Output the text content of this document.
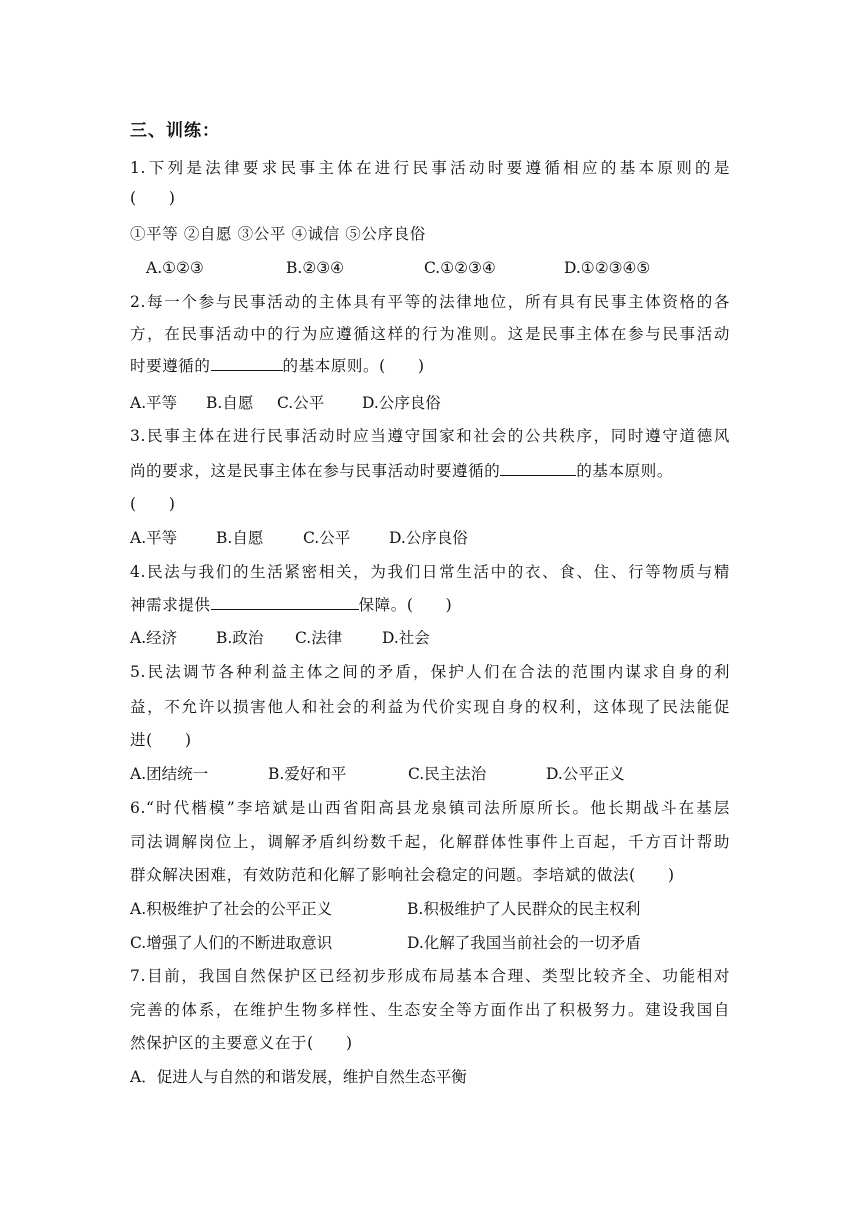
三、训练：
1.下列是法律要求民事主体在进行民事活动时要遵循相应的基本原则的是
(　　)
①平等 ②自愿 ③公平 ④诚信 ⑤公序良俗
A.①②③	B.②③④	C.①②③④	D.①②③④⑤
2.每一个参与民事活动的主体具有平等的法律地位，所有具有民事主体资格的各
方，在民事活动中的行为应遵循这样的行为准则。这是民事主体在参与民事活动
时要遵循的	的基本原则。(　　)
A.平等 B.自愿 C.公平 D.公序良俗
3.民事主体在进行民事活动时应当遵守国家和社会的公共秩序，同时遵守道德风
尚的要求，这是民事主体在参与民事活动时要遵循的	的基本原则。
(　　)
A.平等	B.自愿	C.公平	D.公序良俗
4.民法与我们的生活紧密相关，为我们日常生活中的衣、食、住、行等物质与精
神需求提供	保障。(　　)
A.经济	B.政治 C.法律	D.社会
5.民法调节各种利益主体之间的矛盾，保护人们在合法的范围内谋求自身的利
益，不允许以损害他人和社会的利益为代价实现自身的权利，这体现了民法能促
进(　　)
A.团结统一	B.爱好和平	C.民主法治	D.公平正义
6.“时代楷模”李培斌是山西省阳高县龙泉镇司法所原所长。他长期战斗在基层
司法调解岗位上，调解矛盾纠纷数千起，化解群体性事件上百起，千方百计帮助
群众解决困难，有效防范和化解了影响社会稳定的问题。李培斌的做法(　　)
A.积极维护了社会的公平正义	B.积极维护了人民群众的民主权利
C.增强了人们的不断进取意识	D.化解了我国当前社会的一切矛盾
7.目前，我国自然保护区已经初步形成布局基本合理、类型比较齐全、功能相对
完善的体系，在维护生物多样性、生态安全等方面作出了积极努力。建设我国自
然保护区的主要意义在于(　　)
A．促进人与自然的和谐发展，维护自然生态平衡
